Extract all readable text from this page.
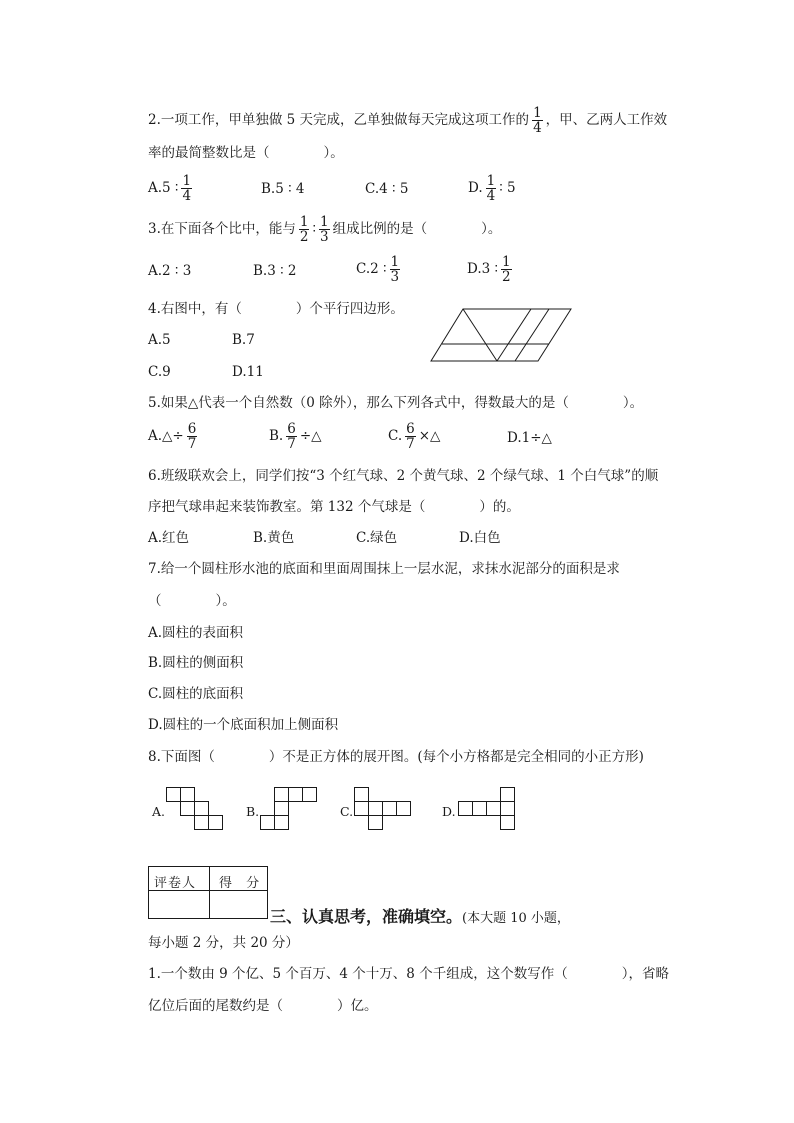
2.一项工作，甲单独做 5 天完成，乙单独做每天完成这项工作的 $\frac{1}{4}$ ，甲、乙两人工作效
率的最简整数比是（　　　　）。
A.5 ∶ $\frac{1}{4}$	B.5 ∶ 4	C.4 ∶ 5	D. $\frac{1}{4}$ ∶ 5
3.在下面各个比中，能与 $\frac{1}{2}$ ∶ $\frac{1}{3}$ 组成比例的是（　　　　）。
A.2 ∶ 3	B.3 ∶ 2	C.2 ∶ $\frac{1}{3}$	D.3 ∶ $\frac{1}{2}$
4.右图中，有（　　　　）个平行四边形。
A.5	B.7
C.9	D.11
5.如果△代表一个自然数（0 除外），那么下列各式中，得数最大的是（　　　　）。
A.△÷ $\frac{6}{7}$	B. $\frac{6}{7}$ ÷△	C. $\frac{6}{7}$ ×△	D.1÷△
6.班级联欢会上，同学们按“3 个红气球、2 个黄气球、2 个绿气球、1 个白气球”的顺
序把气球串起来装饰教室。第 132 个气球是（　　　　）的。
A.红色	B.黄色	C.绿色	D.白色
7.给一个圆柱形水池的底面和里面周围抹上一层水泥，求抹水泥部分的面积是求
（　　　　）。
A.圆柱的表面积
B.圆柱的侧面积
C.圆柱的底面积
D.圆柱的一个底面积加上侧面积
8.下面图（　　　　）不是正方体的展开图。(每个小方格都是完全相同的小正方形)
A.	B.	C.	D.
评卷人 得 分
三、认真思考，准确填空。(本大题 10 小题，
每小题 2 分，共 20 分）
1.一个数由 9 个亿、5 个百万、4 个十万、8 个千组成，这个数写作（　　　　），省略
亿位后面的尾数约是（　　　　）亿。
